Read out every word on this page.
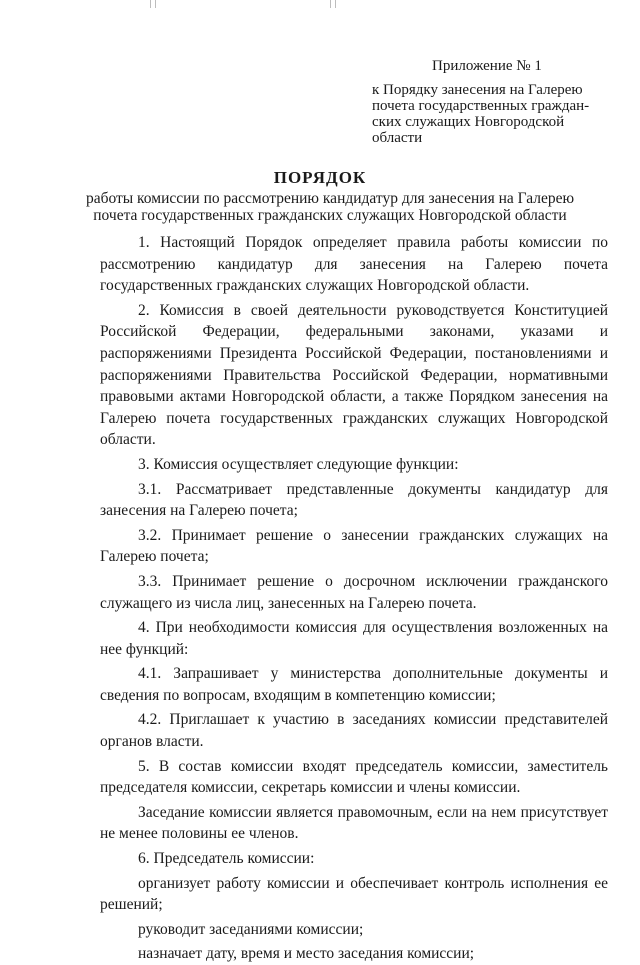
Приложение № 1
к Порядку занесения на Галерею
почета государственных граждан-
ских служащих Новгородской
области
ПОРЯДОК
работы комиссии по рассмотрению кандидатур для занесения на Галерею
почета государственных гражданских служащих Новгородской области

1. Настоящий Порядок определяет правила работы комиссии по рассмотрению кандидатур для занесения на Галерею почета государственных гражданских служащих Новгородской области.

2. Комиссия в своей деятельности руководствуется Конституцией Российской Федерации, федеральными законами, указами и распоряжениями Президента Российской Федерации, постановлениями и распоряжениями Правительства Российской Федерации, нормативными правовыми актами Новгородской области, а также Порядком занесения на Галерею почета государственных гражданских служащих Новгородской области.

3. Комиссия осуществляет следующие функции:

3.1. Рассматривает представленные документы кандидатур для занесения на Галерею почета;

3.2. Принимает решение о занесении гражданских служащих на Галерею почета;

3.3. Принимает решение о досрочном исключении гражданского служащего из числа лиц, занесенных на Галерею почета.

4. При необходимости комиссия для осуществления возложенных на нее функций:

4.1. Запрашивает у министерства дополнительные документы и сведения по вопросам, входящим в компетенцию комиссии;

4.2. Приглашает к участию в заседаниях комиссии представителей органов власти.

5. В состав комиссии входят председатель комиссии, заместитель председателя комиссии, секретарь комиссии и члены комиссии.

Заседание комиссии является правомочным, если на нем присутствует не менее половины ее членов.

6. Председатель комиссии:

организует работу комиссии и обеспечивает контроль исполнения ее решений;

руководит заседаниями комиссии;

назначает дату, время и место заседания комиссии;
